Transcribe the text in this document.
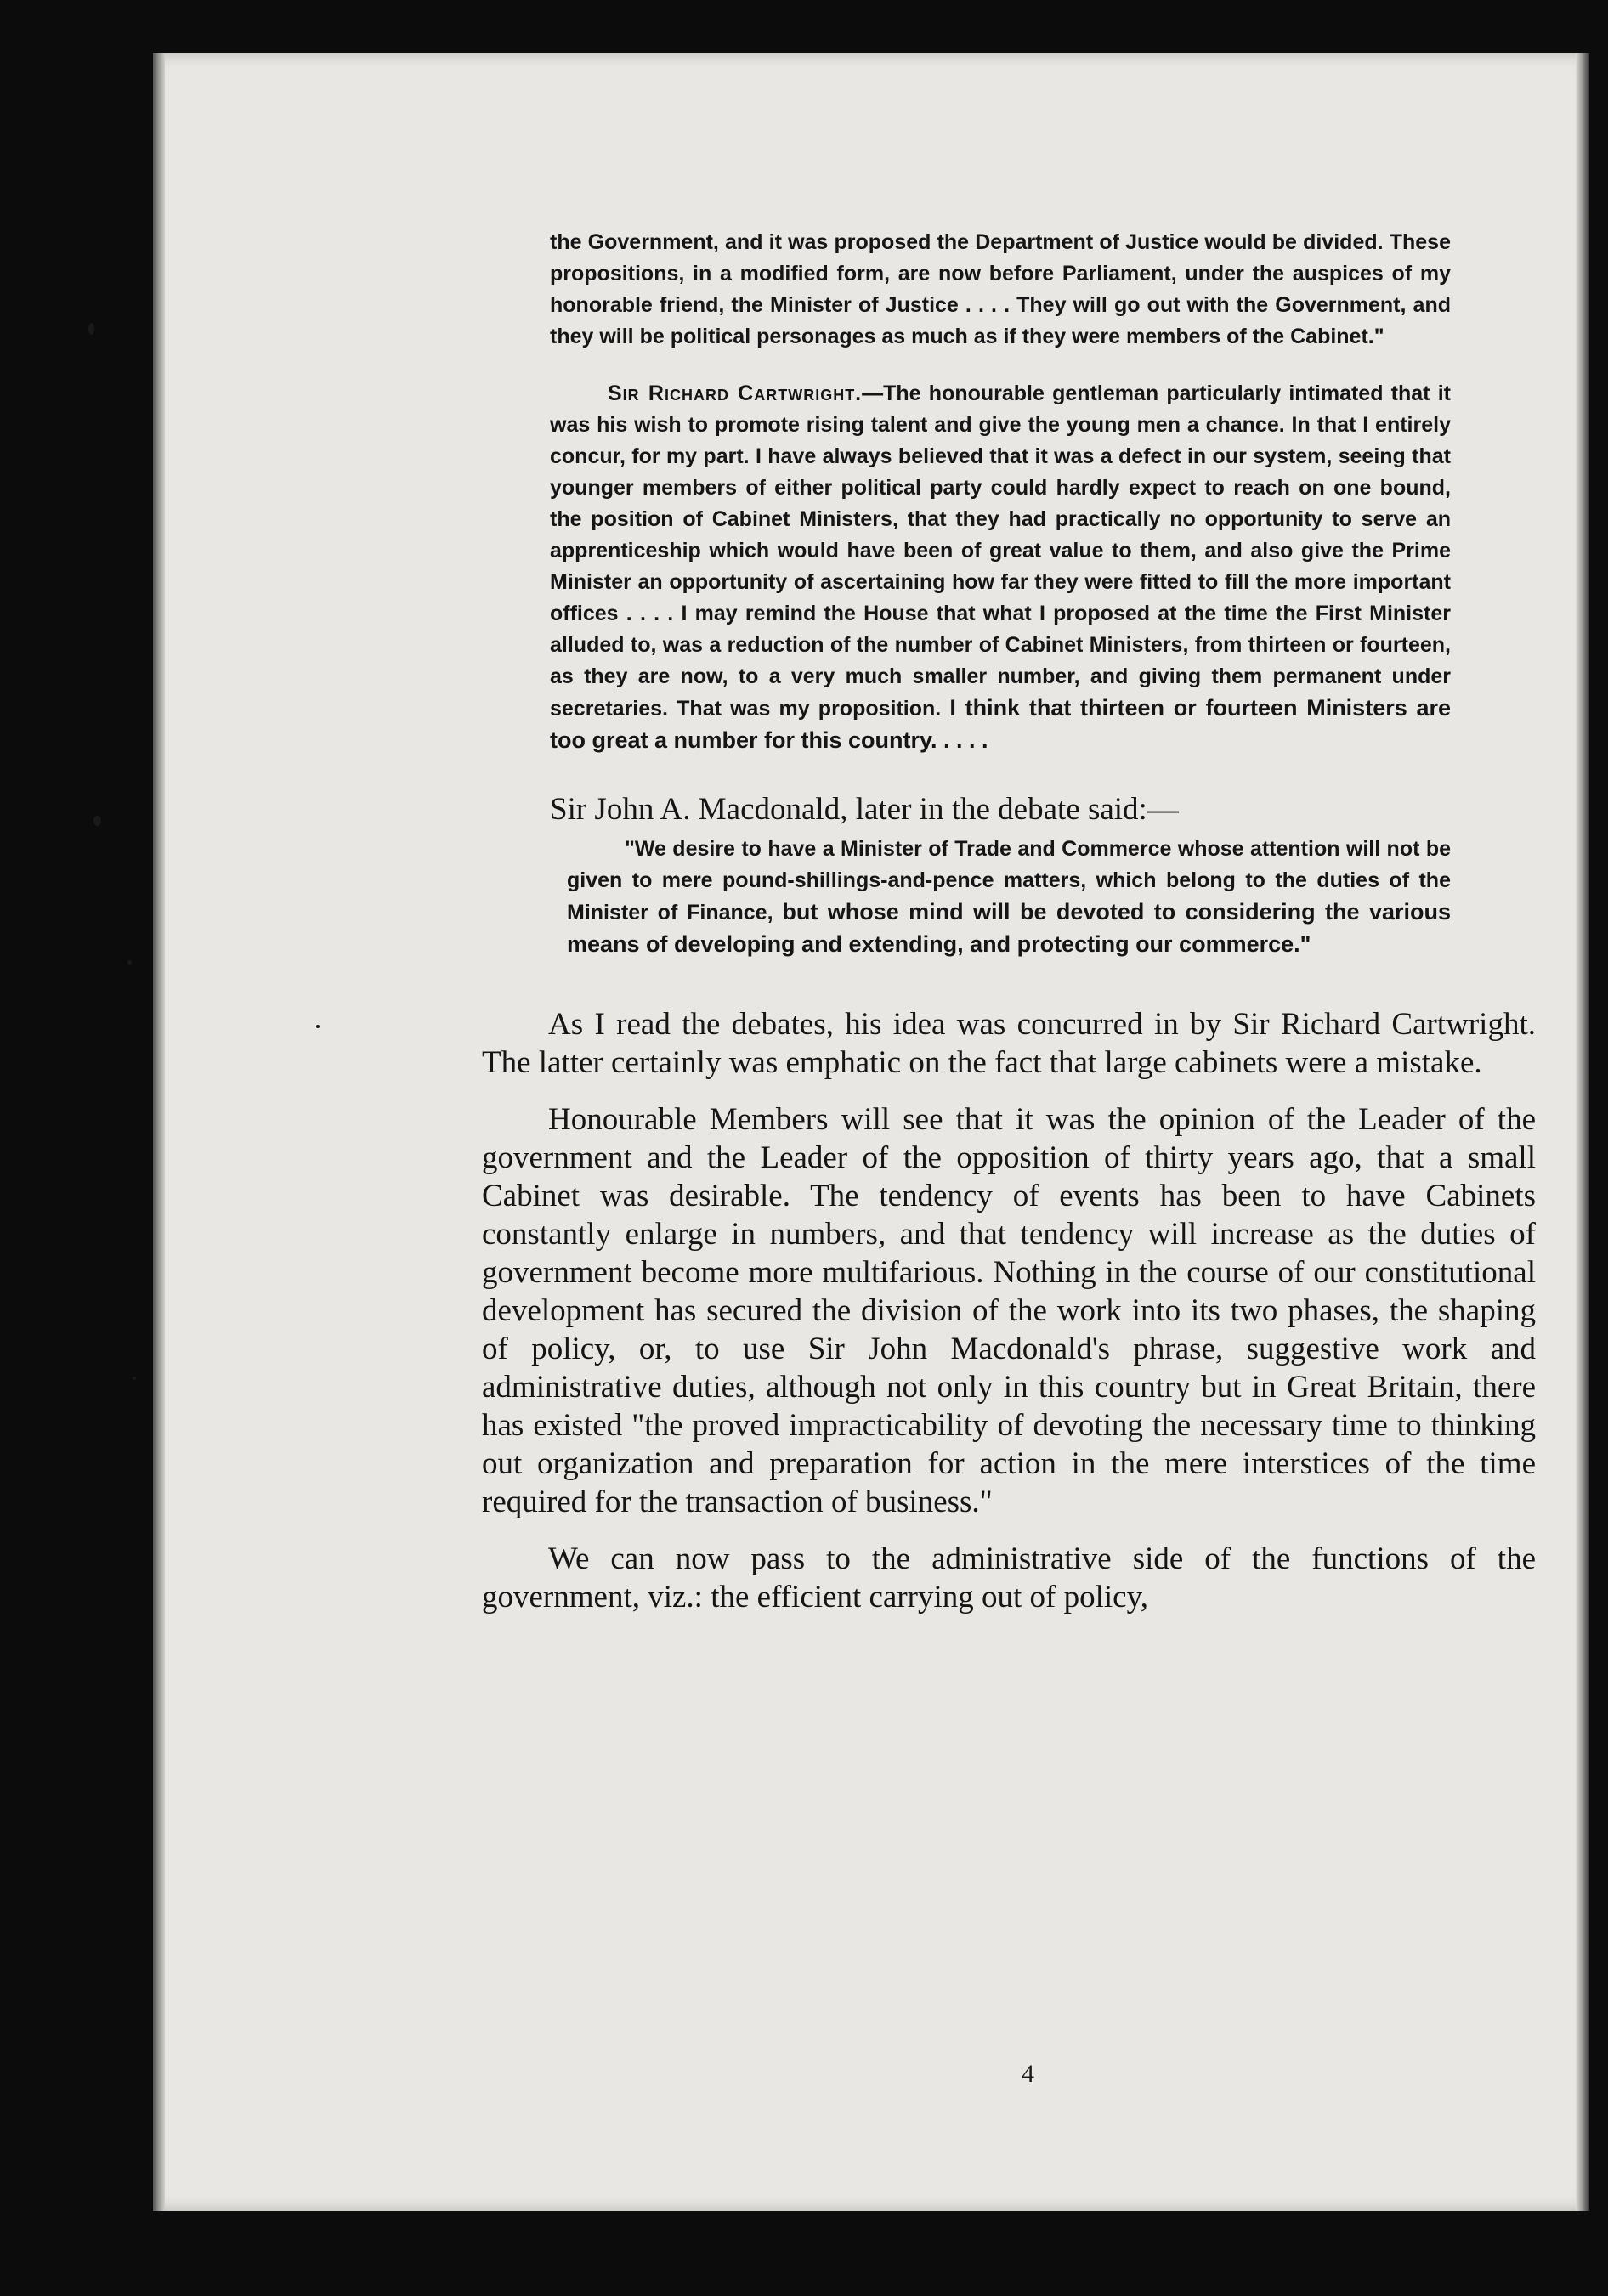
the Government, and it was proposed the Department of Justice would be divided. These propositions, in a modified form, are now before Parliament, under the auspices of my honorable friend, the Minister of Justice . . . . They will go out with the Government, and they will be political personages as much as if they were members of the Cabinet."

Sir Richard Cartwright.—The honourable gentleman particularly intimated that it was his wish to promote rising talent and give the young men a chance. In that I entirely concur, for my part. I have always believed that it was a defect in our system, seeing that younger members of either political party could hardly expect to reach on one bound, the position of Cabinet Ministers, that they had practically no opportunity to serve an apprenticeship which would have been of great value to them, and also give the Prime Minister an opportunity of ascertaining how far they were fitted to fill the more important offices . . . . I may remind the House that what I proposed at the time the First Minister alluded to, was a reduction of the number of Cabinet Ministers, from thirteen or fourteen, as they are now, to a very much smaller number, and giving them permanent under secretaries. That was my proposition. I think that thirteen or fourteen Ministers are too great a number for this country. . . . .

Sir John A. Macdonald, later in the debate said:—

"We desire to have a Minister of Trade and Commerce whose attention will not be given to mere pound-shillings-and-pence matters, which belong to the duties of the Minister of Finance, but whose mind will be devoted to considering the various means of developing and extending, and protecting our commerce."

As I read the debates, his idea was concurred in by Sir Richard Cartwright. The latter certainly was emphatic on the fact that large cabinets were a mistake.

Honourable Members will see that it was the opinion of the Leader of the government and the Leader of the opposition of thirty years ago, that a small Cabinet was desirable. The tendency of events has been to have Cabinets constantly enlarge in numbers, and that tendency will increase as the duties of government become more multifarious. Nothing in the course of our constitutional development has secured the division of the work into its two phases, the shaping of policy, or, to use Sir John Macdonald's phrase, suggestive work and administrative duties, although not only in this country but in Great Britain, there has existed "the proved impracticability of devoting the necessary time to thinking out organization and preparation for action in the mere interstices of the time required for the transaction of business."

We can now pass to the administrative side of the functions of the government, viz.: the efficient carrying out of policy,

4
